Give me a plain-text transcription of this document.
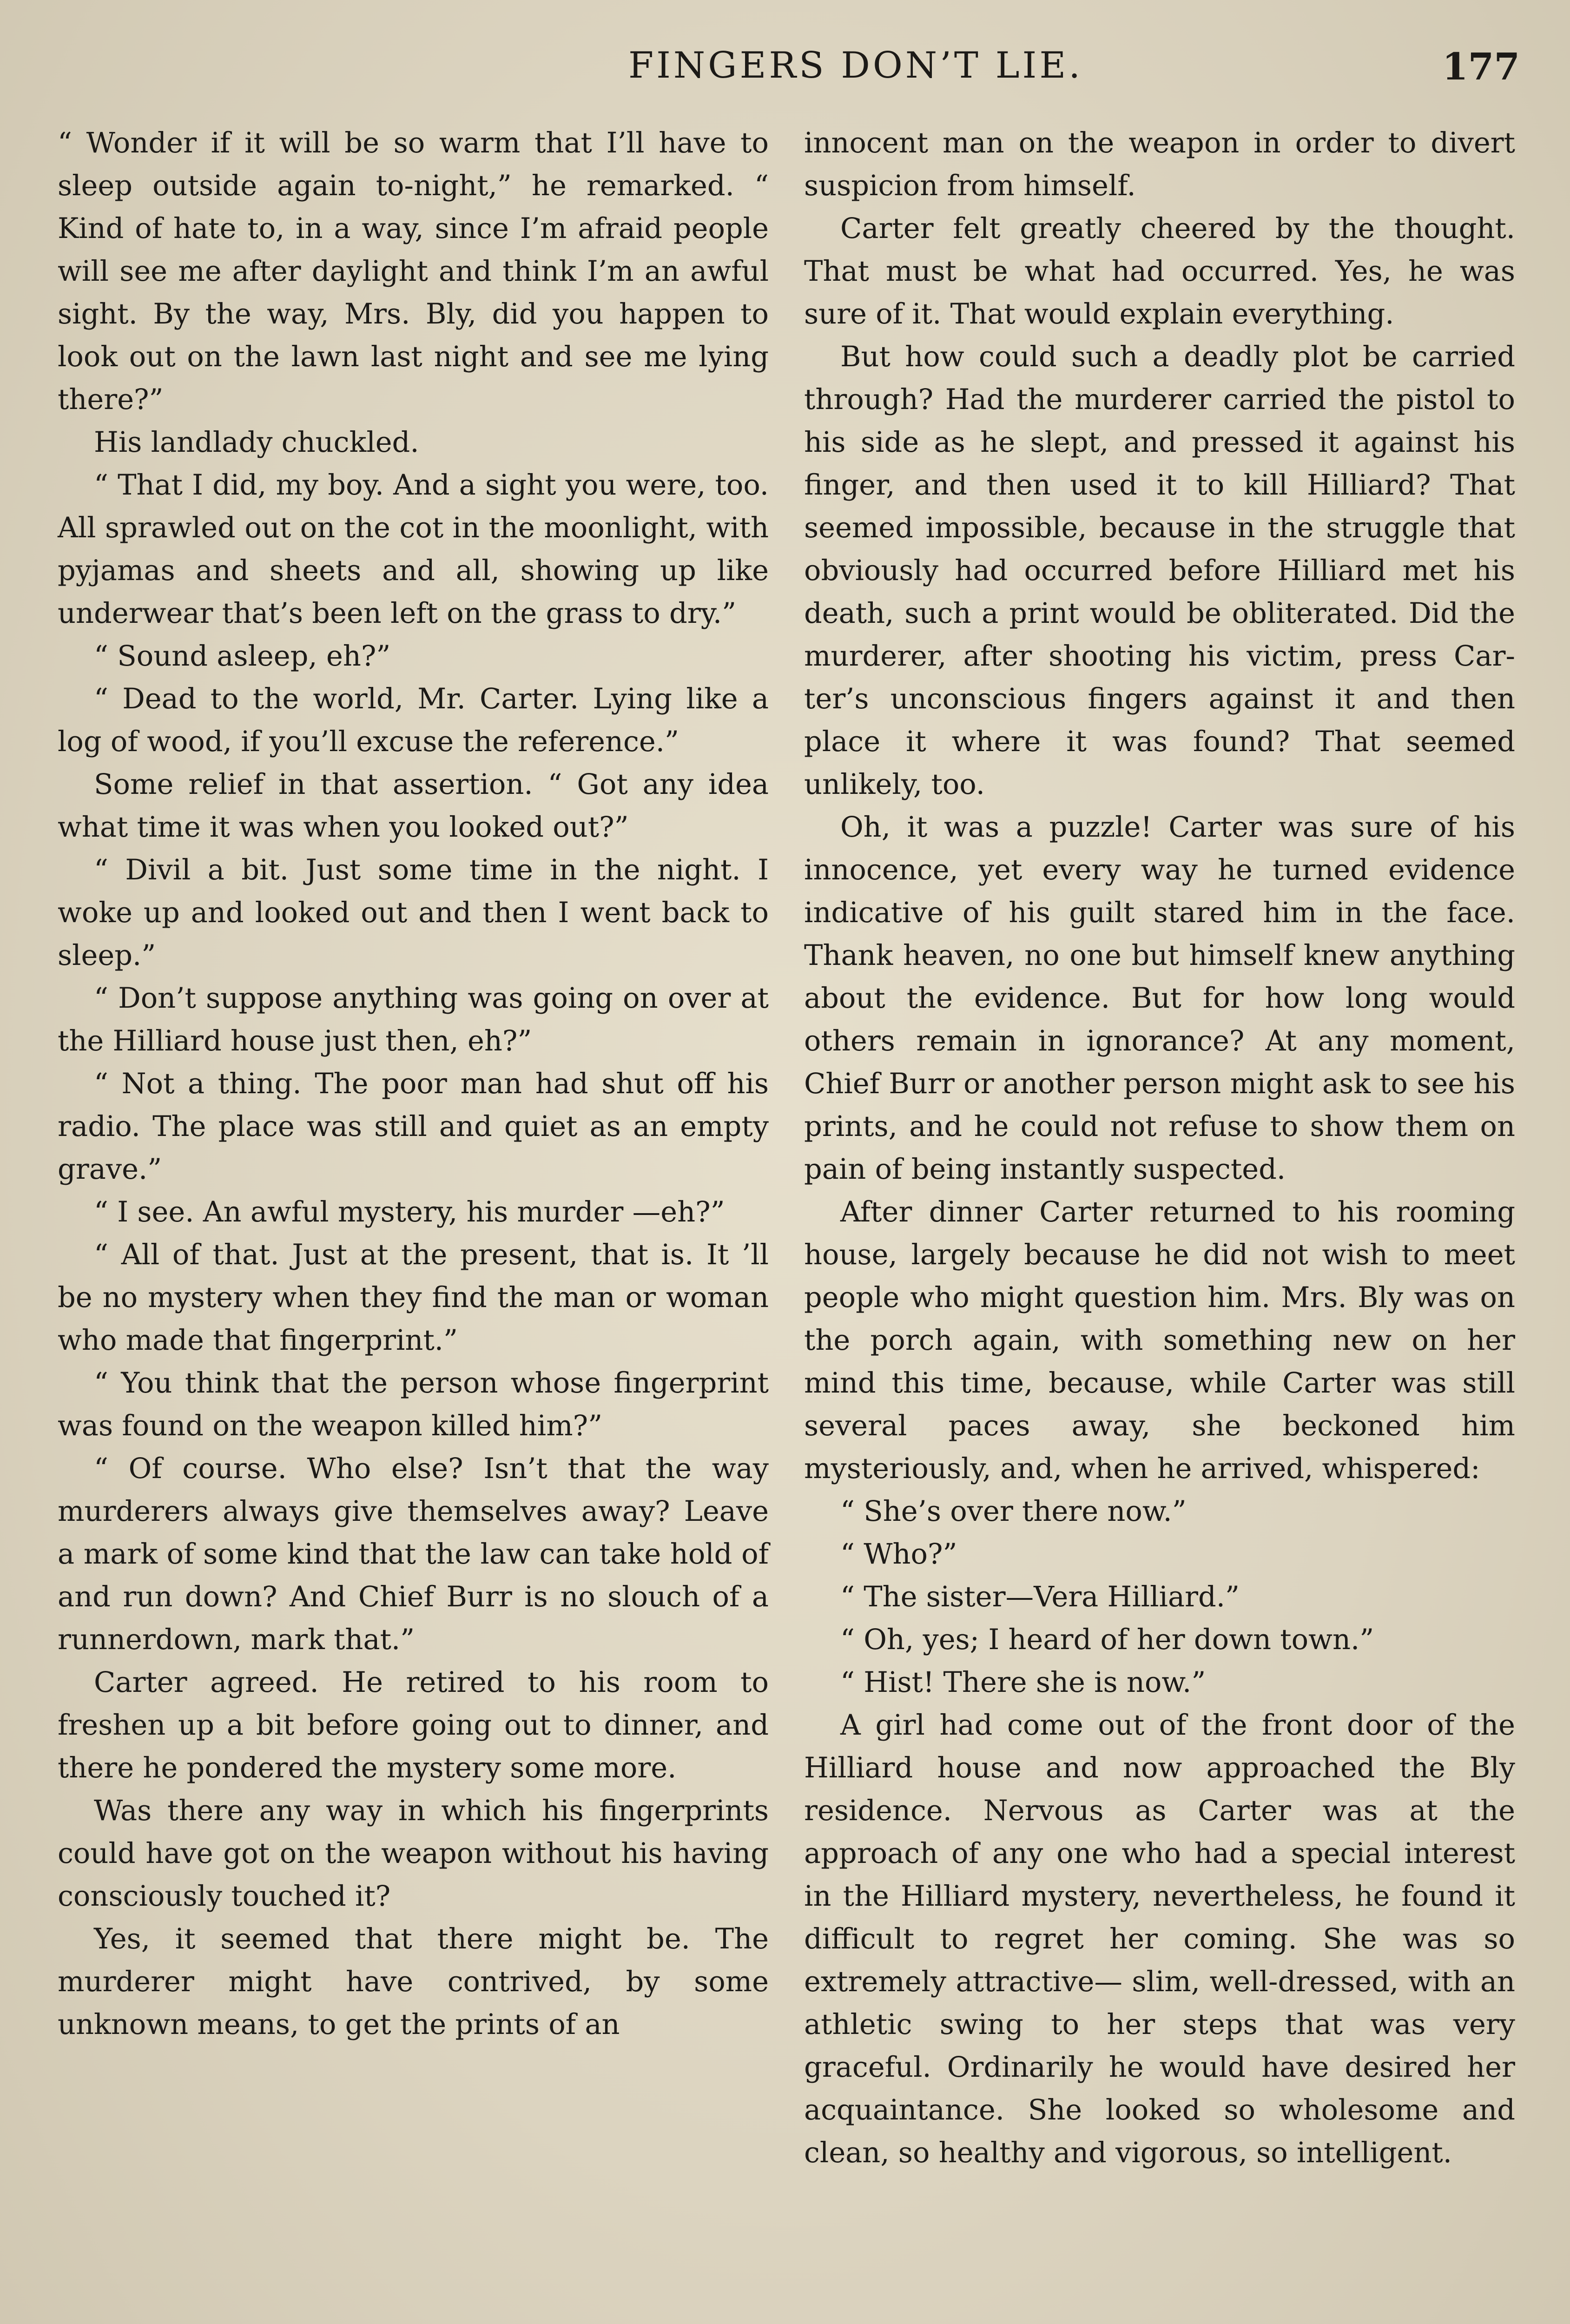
FINGERS DON’T LIE.	177

“ Wonder if it will be so warm that I’ll have to sleep outside again to-night,” he remarked. “ Kind of hate to, in a way, since I’m afraid people will see me after daylight and think I’m an awful sight. By the way, Mrs. Bly, did you happen to look out on the lawn last night and see me lying there?”

His landlady chuckled.

“ That I did, my boy. And a sight you were, too. All sprawled out on the cot in the moonlight, with pyjamas and sheets and all, showing up like underwear that’s been left on the grass to dry.”

“ Sound asleep, eh?”

“ Dead to the world, Mr. Carter. Lying like a log of wood, if you’ll excuse the reference.”

Some relief in that assertion. “ Got any idea what time it was when you looked out?”

“ Divil a bit. Just some time in the night. I woke up and looked out and then I went back to sleep.”

“ Don’t suppose anything was going on over at the Hilliard house just then, eh?”

“ Not a thing. The poor man had shut off his radio. The place was still and quiet as an empty grave.”

“ I see. An awful mystery, his murder —eh?”

“ All of that. Just at the present, that is. It ’ll be no mystery when they find the man or woman who made that fingerprint.”

“ You think that the person whose fingerprint was found on the weapon killed him?”

“ Of course. Who else? Isn’t that the way murderers always give themselves away? Leave a mark of some kind that the law can take hold of and run down? And Chief Burr is no slouch of a runnerdown, mark that.”

Carter agreed. He retired to his room to freshen up a bit before going out to dinner, and there he pondered the mystery some more.

Was there any way in which his fingerprints could have got on the weapon without his having consciously touched it?

Yes, it seemed that there might be. The murderer might have contrived, by some unknown means, to get the prints of an

innocent man on the weapon in order to divert suspicion from himself.

Carter felt greatly cheered by the thought. That must be what had occurred. Yes, he was sure of it. That would explain everything.

But how could such a deadly plot be carried through? Had the murderer carried the pistol to his side as he slept, and pressed it against his finger, and then used it to kill Hilliard? That seemed impossible, because in the struggle that obviously had occurred before Hilliard met his death, such a print would be obliterated. Did the murderer, after shooting his victim, press Carter’s unconscious fingers against it and then place it where it was found? That seemed unlikely, too.

Oh, it was a puzzle! Carter was sure of his innocence, yet every way he turned evidence indicative of his guilt stared him in the face. Thank heaven, no one but himself knew anything about the evidence. But for how long would others remain in ignorance? At any moment, Chief Burr or another person might ask to see his prints, and he could not refuse to show them on pain of being instantly suspected.

After dinner Carter returned to his rooming house, largely because he did not wish to meet people who might question him. Mrs. Bly was on the porch again, with something new on her mind this time, because, while Carter was still several paces away, she beckoned him mysteriously, and, when he arrived, whispered:

“ She’s over there now.”

“ Who?”

“ The sister—Vera Hilliard.”

“ Oh, yes; I heard of her down town.”

“ Hist! There she is now.”

A girl had come out of the front door of the Hilliard house and now approached the Bly residence. Nervous as Carter was at the approach of any one who had a special interest in the Hilliard mystery, nevertheless, he found it difficult to regret her coming. She was so extremely attractive— slim, well-dressed, with an athletic swing to her steps that was very graceful. Ordinarily he would have desired her acquaintance. She looked so wholesome and clean, so healthy and vigorous, so intelligent.
